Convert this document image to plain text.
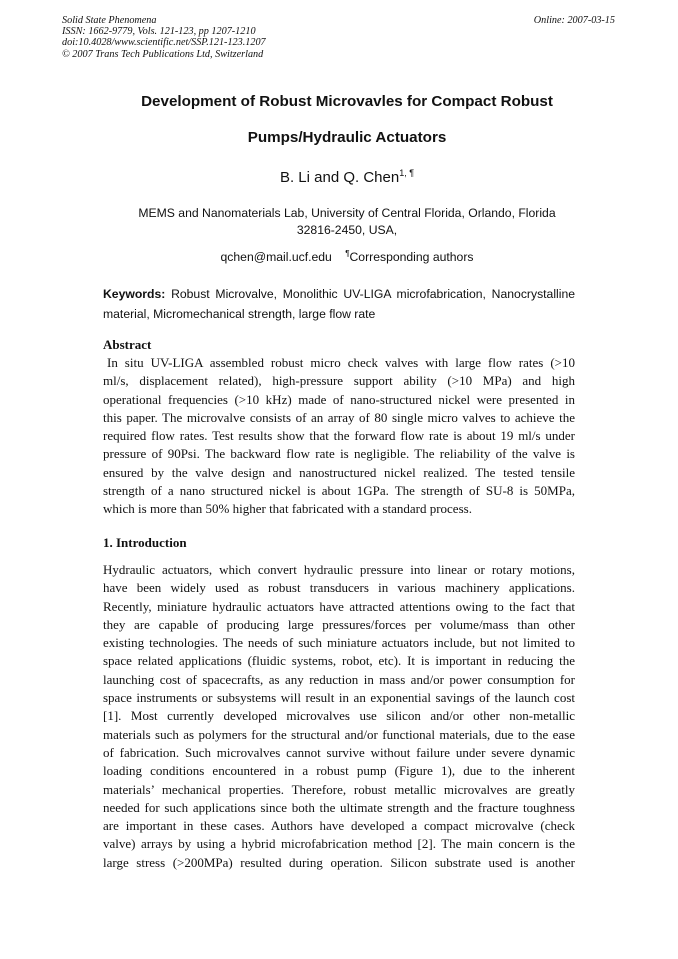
Solid State Phenomena
ISSN: 1662-9779, Vols. 121-123, pp 1207-1210
doi:10.4028/www.scientific.net/SSP.121-123.1207
© 2007 Trans Tech Publications Ltd, Switzerland
Online: 2007-03-15
Development of Robust Microvavles for Compact Robust
Pumps/Hydraulic Actuators
B. Li and Q. Chen$^{1, \P}$
MEMS and Nanomaterials Lab, University of Central Florida, Orlando, Florida
32816-2450, USA,
qchen@mail.ucf.edu ¶Corresponding authors
Keywords: Robust Microvalve, Monolithic UV-LIGA microfabrication, Nanocrystalline material, Micromechanical strength, large flow rate
Abstract
In situ UV-LIGA assembled robust micro check valves with large flow rates (>10
ml/s, displacement related), high-pressure support ability (>10 MPa) and high
operational frequencies (>10 kHz) made of nano-structured nickel were presented in
this paper. The microvalve consists of an array of 80 single micro valves to achieve the
required flow rates. Test results show that the forward flow rate is about 19 ml/s under
pressure of 90Psi. The backward flow rate is negligible. The reliability of the valve is
ensured by the valve design and nanostructured nickel realized. The tested tensile
strength of a nano structured nickel is about 1GPa. The strength of SU-8 is 50MPa,
which is more than 50% higher that fabricated with a standard process.
1. Introduction
Hydraulic actuators, which convert hydraulic pressure into linear or rotary motions,
have been widely used as robust transducers in various machinery applications.
Recently, miniature hydraulic actuators have attracted attentions owing to the fact that
they are capable of producing large pressures/forces per volume/mass than other
existing technologies. The needs of such miniature actuators include, but not limited to
space related applications (fluidic systems, robot, etc). It is important in reducing the
launching cost of spacecrafts, as any reduction in mass and/or power consumption for
space instruments or subsystems will result in an exponential savings of the launch cost
[1]. Most currently developed microvalves use silicon and/or other non-metallic
materials such as polymers for the structural and/or functional materials, due to the ease
of fabrication. Such microvalves cannot survive without failure under severe dynamic
loading conditions encountered in a robust pump (Figure 1), due to the inherent
materials’ mechanical properties. Therefore, robust metallic microvalves are greatly
needed for such applications since both the ultimate strength and the fracture toughness
are important in these cases. Authors have developed a compact microvalve (check
valve) arrays by using a hybrid microfabrication method [2]. The main concern is the
large stress (>200MPa) resulted during operation. Silicon substrate used is another
